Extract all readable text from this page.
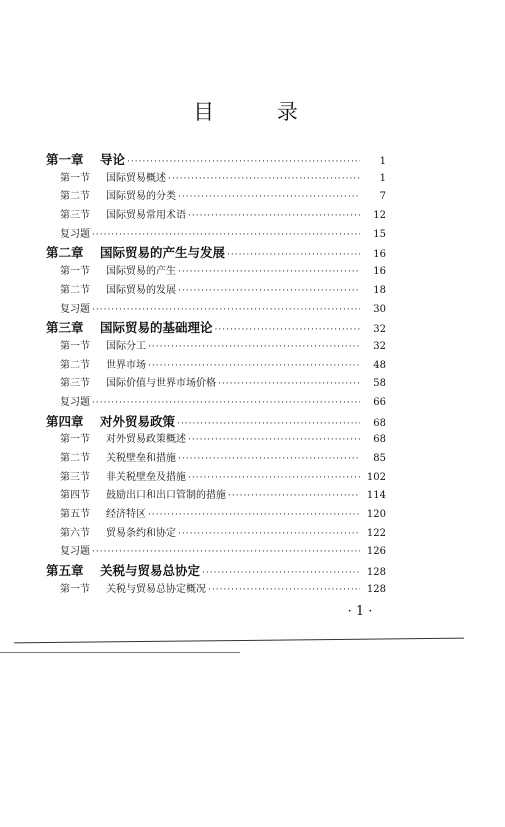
目 录
第一章 导论 ·····	1
第一节 国际贸易概述 ·····	1
第二节 国际贸易的分类 ·····	7
第三节 国际贸易常用术语 ·····	12
复习题 ·····	15
第二章 国际贸易的产生与发展 ·····	16
第一节 国际贸易的产生 ·····	16
第二节 国际贸易的发展 ·····	18
复习题 ·····	30
第三章 国际贸易的基础理论 ·····	32
第一节 国际分工 ·····	32
第二节 世界市场 ·····	48
第三节 国际价值与世界市场价格 ·····	58
复习题 ·····	66
第四章 对外贸易政策 ·····	68
第一节 对外贸易政策概述 ·····	68
第二节 关税壁垒和措施 ·····	85
第三节 非关税壁垒及措施 ·····	102
第四节 鼓励出口和出口管制的措施 ·····	114
第五节 经济特区 ·····	120
第六节 贸易条约和协定 ·····	122
复习题 ·····	126
第五章 关税与贸易总协定 ·····	128
第一节 关税与贸易总协定概况 ·····	128
· 1 ·
